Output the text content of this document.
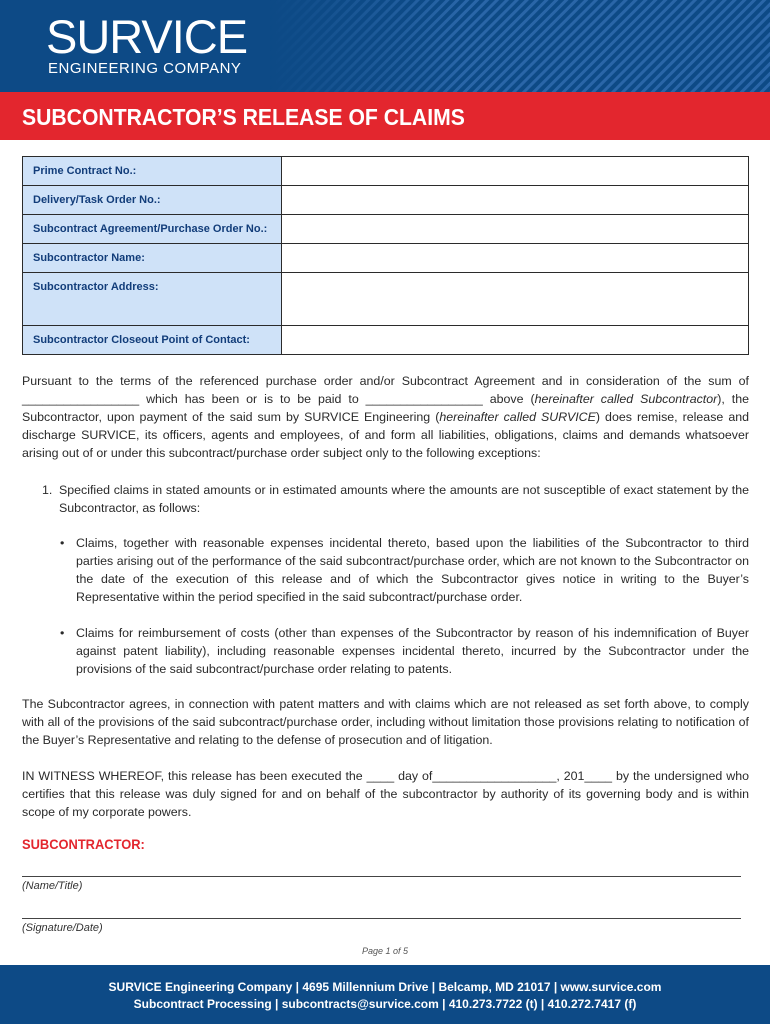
SURVICE
ENGINEERING COMPANY
SUBCONTRACTOR’S RELEASE OF CLAIMS
Prime Contract No.:	
Delivery/Task Order No.:	
Subcontract Agreement/Purchase Order No.:	
Subcontractor Name:	
Subcontractor Address:	
Subcontractor Closeout Point of Contact:	
Pursuant to the terms of the referenced purchase order and/or Subcontract Agreement and in consideration of the sum of _________________ which has been or is to be paid to _________________ above (hereinafter called Subcontractor), the Subcontractor, upon payment of the said sum by SURVICE Engineering (hereinafter called SURVICE) does remise, release and discharge SURVICE, its officers, agents and employees, of and form all liabilities, obligations, claims and demands whatsoever arising out of or under this subcontract/purchase order subject only to the following exceptions:
1. Specified claims in stated amounts or in estimated amounts where the amounts are not susceptible of exact statement by the Subcontractor, as follows:
• Claims, together with reasonable expenses incidental thereto, based upon the liabilities of the Subcontractor to third parties arising out of the performance of the said subcontract/purchase order, which are not known to the Subcontractor on the date of the execution of this release and of which the Subcontractor gives notice in writing to the Buyer’s Representative within the period specified in the said subcontract/purchase order.
• Claims for reimbursement of costs (other than expenses of the Subcontractor by reason of his indemnification of Buyer against patent liability), including reasonable expenses incidental thereto, incurred by the Subcontractor under the provisions of the said subcontract/purchase order relating to patents.
The Subcontractor agrees, in connection with patent matters and with claims which are not released as set forth above, to comply with all of the provisions of the said subcontract/purchase order, including without limitation those provisions relating to notification of the Buyer’s Representative and relating to the defense of prosecution and of litigation.
IN WITNESS WHEREOF, this release has been executed the ____ day of__________________, 201____ by the undersigned who certifies that this release was duly signed for and on behalf of the subcontractor by authority of its governing body and is within scope of my corporate powers.
SUBCONTRACTOR:
(Name/Title)
(Signature/Date)
Page 1 of 5
SURVICE Engineering Company | 4695 Millennium Drive | Belcamp, MD 21017 | www.survice.com
Subcontract Processing | subcontracts@survice.com | 410.273.7722 (t) | 410.272.7417 (f)
